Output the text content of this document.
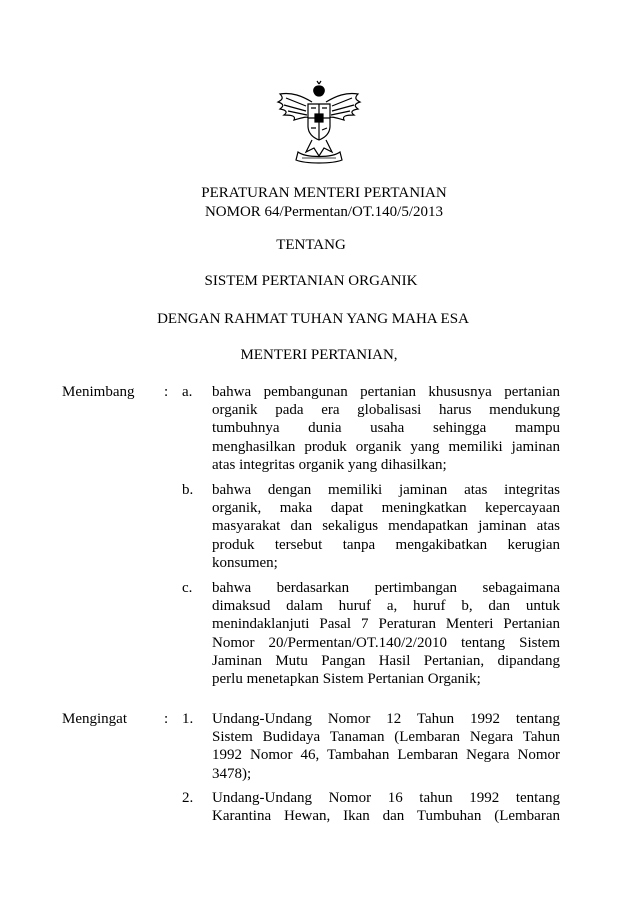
PERATURAN MENTERI PERTANIAN
NOMOR 64/Permentan/OT.140/5/2013
TENTANG
SISTEM PERTANIAN ORGANIK
DENGAN RAHMAT TUHAN YANG MAHA ESA
MENTERI PERTANIAN,
Menimbang : a.	bahwa pembangunan pertanian khususnya pertanian
organik pada era globalisasi harus mendukung
tumbuhnya dunia usaha sehingga mampu
menghasilkan produk organik yang memiliki jaminan
atas integritas organik yang dihasilkan;
b.	bahwa dengan memiliki jaminan atas integritas
organik, maka dapat meningkatkan kepercayaan
masyarakat dan sekaligus mendapatkan jaminan atas
produk tersebut tanpa mengakibatkan kerugian
konsumen;
c.	bahwa berdasarkan pertimbangan sebagaimana
dimaksud dalam huruf a, huruf b, dan untuk
menindaklanjuti Pasal 7 Peraturan Menteri Pertanian
Nomor 20/Permentan/OT.140/2/2010 tentang Sistem
Jaminan Mutu Pangan Hasil Pertanian, dipandang
perlu menetapkan Sistem Pertanian Organik;
Mengingat : 1.	Undang-Undang Nomor 12 Tahun 1992 tentang
Sistem Budidaya Tanaman (Lembaran Negara Tahun
1992 Nomor 46, Tambahan Lembaran Negara Nomor
3478);
2.	Undang-Undang Nomor 16 tahun 1992 tentang
Karantina Hewan, Ikan dan Tumbuhan (Lembaran
